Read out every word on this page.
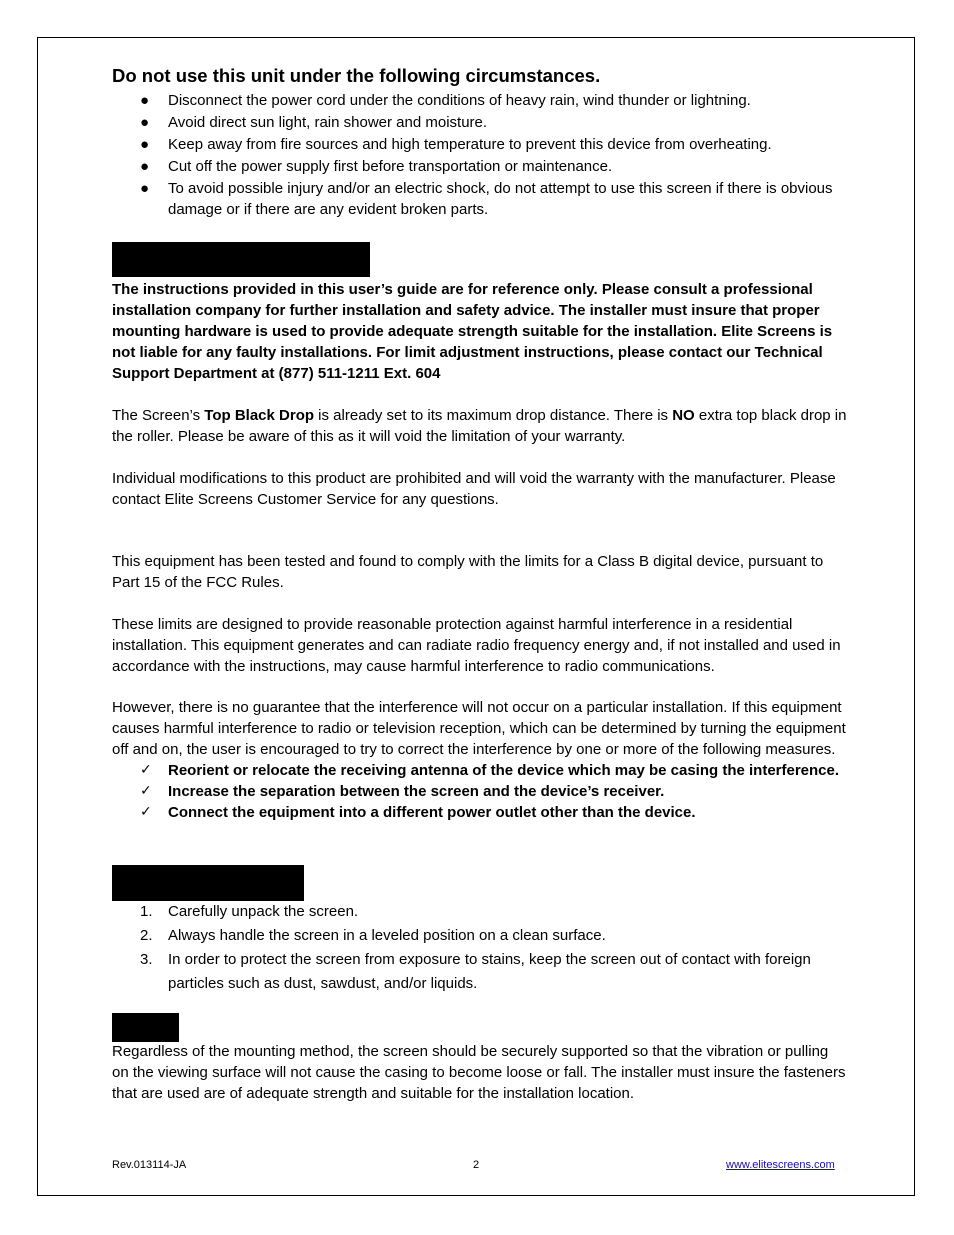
Do not use this unit under the following circumstances.
● Disconnect the power cord under the conditions of heavy rain, wind thunder or lightning.
● Avoid direct sun light, rain shower and moisture.
● Keep away from fire sources and high temperature to prevent this device from overheating.
● Cut off the power supply first before transportation or maintenance.
● To avoid possible injury and/or an electric shock, do not attempt to use this screen if there is obvious damage or if there are any evident broken parts.

The instructions provided in this user’s guide are for reference only. Please consult a professional installation company for further installation and safety advice. The installer must insure that proper mounting hardware is used to provide adequate strength suitable for the installation. Elite Screens is not liable for any faulty installations. For limit adjustment instructions, please contact our Technical Support Department at (877) 511-1211 Ext. 604

The Screen’s Top Black Drop is already set to its maximum drop distance. There is NO extra top black drop in the roller. Please be aware of this as it will void the limitation of your warranty.

Individual modifications to this product are prohibited and will void the warranty with the manufacturer. Please contact Elite Screens Customer Service for any questions.

This equipment has been tested and found to comply with the limits for a Class B digital device, pursuant to Part 15 of the FCC Rules.

These limits are designed to provide reasonable protection against harmful interference in a residential installation. This equipment generates and can radiate radio frequency energy and, if not installed and used in accordance with the instructions, may cause harmful interference to radio communications.

However, there is no guarantee that the interference will not occur on a particular installation. If this equipment causes harmful interference to radio or television reception, which can be determined by turning the equipment off and on, the user is encouraged to try to correct the interference by one or more of the following measures.

✓ Reorient or relocate the receiving antenna of the device which may be casing the interference.
✓ Increase the separation between the screen and the device’s receiver.
✓ Connect the equipment into a different power outlet other than the device.
1. Carefully unpack the screen.
2. Always handle the screen in a leveled position on a clean surface.
3. In order to protect the screen from exposure to stains, keep the screen out of contact with foreign particles such as dust, sawdust, and/or liquids.

Regardless of the mounting method, the screen should be securely supported so that the vibration or pulling on the viewing surface will not cause the casing to become loose or fall. The installer must insure the fasteners that are used are of adequate strength and suitable for the installation location.

Rev.013114-JA	2	www.elitescreens.com
